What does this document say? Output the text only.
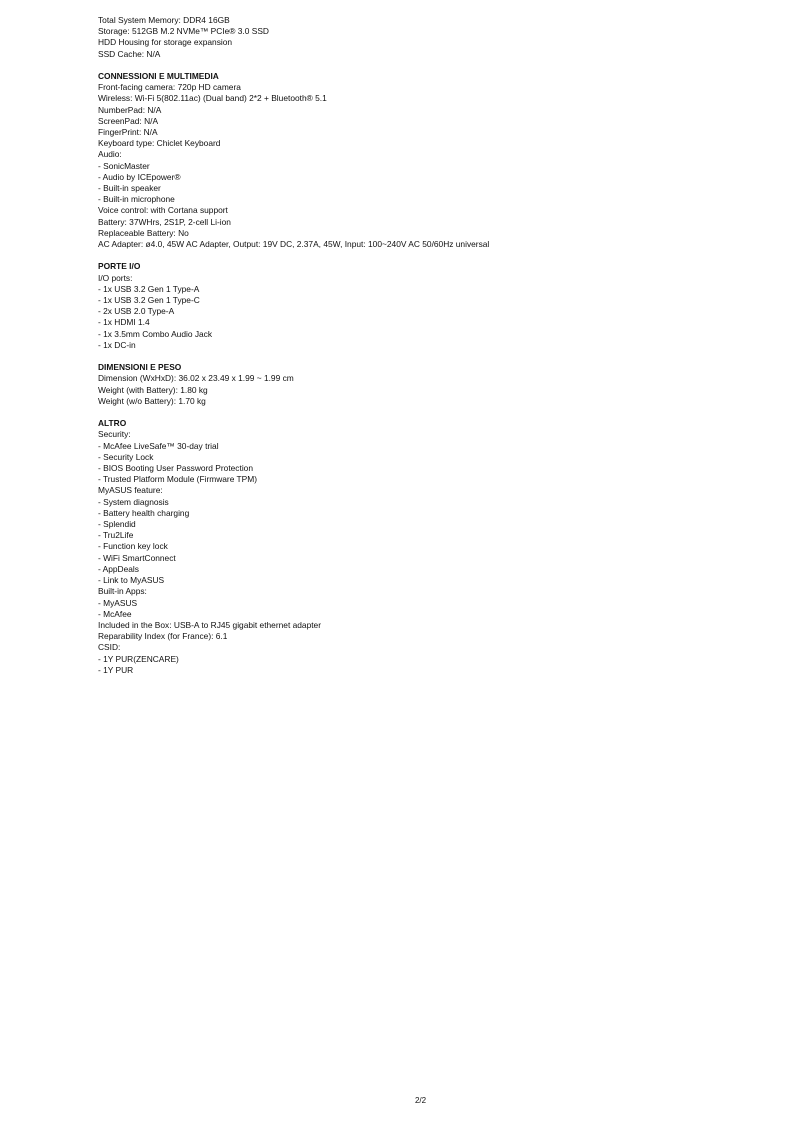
Total System Memory: DDR4 16GB

Storage: 512GB M.2 NVMe™ PCIe® 3.0 SSD

HDD Housing for storage expansion

SSD Cache: N/A

CONNESSIONI E MULTIMEDIA

Front-facing camera: 720p HD camera

Wireless: Wi-Fi 5(802.11ac) (Dual band) 2*2 + Bluetooth® 5.1

NumberPad: N/A

ScreenPad: N/A

FingerPrint: N/A

Keyboard type: Chiclet Keyboard

Audio:

- SonicMaster

- Audio by ICEpower®

- Built-in speaker

- Built-in microphone

Voice control: with Cortana support

Battery: 37WHrs, 2S1P, 2-cell Li-ion

Replaceable Battery: No

AC Adapter: ø4.0, 45W AC Adapter, Output: 19V DC, 2.37A, 45W, Input: 100~240V AC 50/60Hz universal

PORTE I/O

I/O ports:

- 1x USB 3.2 Gen 1 Type-A

- 1x USB 3.2 Gen 1 Type-C

- 2x USB 2.0 Type-A

- 1x HDMI 1.4

- 1x 3.5mm Combo Audio Jack

- 1x DC-in

DIMENSIONI E PESO

Dimension (WxHxD): 36.02 x 23.49 x 1.99 ~ 1.99 cm

Weight (with Battery): 1.80 kg

Weight (w/o Battery): 1.70 kg

ALTRO

Security:

- McAfee LiveSafe™ 30-day trial

- Security Lock

- BIOS Booting User Password Protection

- Trusted Platform Module (Firmware TPM)

MyASUS feature:

- System diagnosis

- Battery health charging

- Splendid

- Tru2Life

- Function key lock

- WiFi SmartConnect

- AppDeals

- Link to MyASUS

Built-in Apps:

- MyASUS

- McAfee

Included in the Box: USB-A to RJ45 gigabit ethernet adapter

Reparability Index (for France): 6.1

CSID:

- 1Y PUR(ZENCARE)

- 1Y PUR

2/2
